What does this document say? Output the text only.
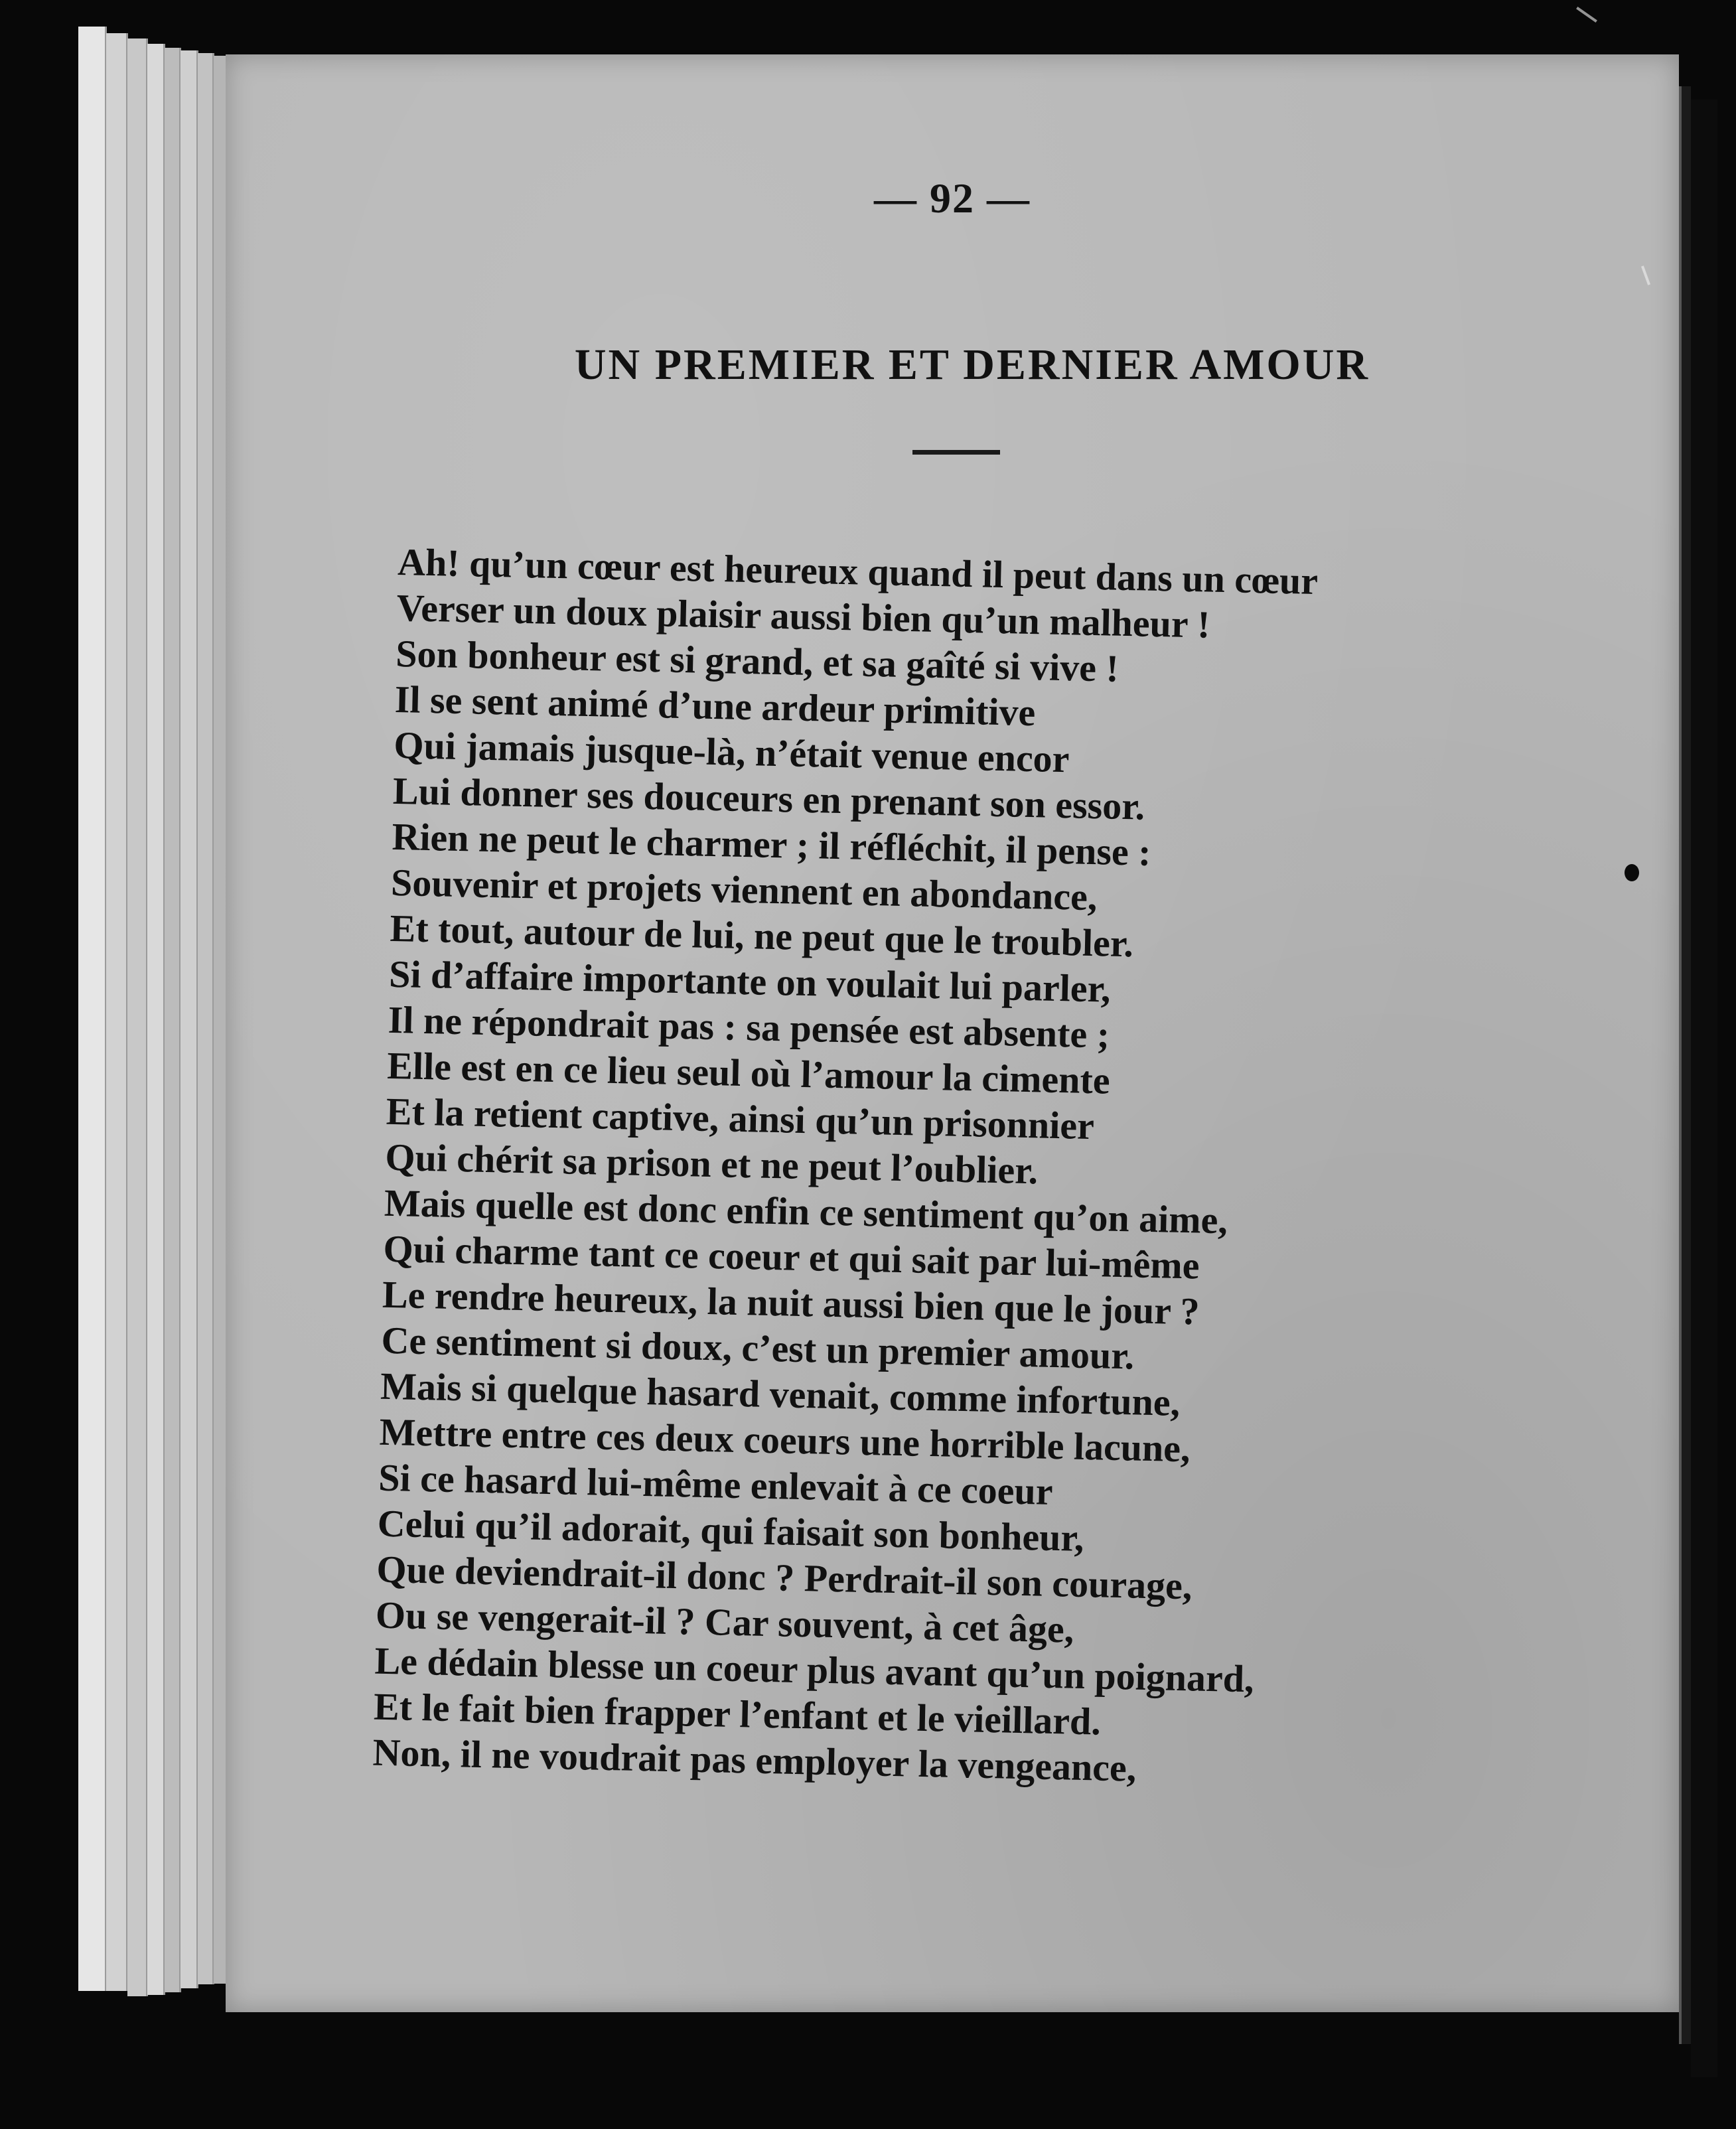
— 92 —
UN PREMIER ET DERNIER AMOUR
Ah! qu’un cœur est heureux quand il peut dans un cœur
Verser un doux plaisir aussi bien qu’un malheur !
Son bonheur est si grand, et sa gaîté si vive !
Il se sent animé d’une ardeur primitive
Qui jamais jusque-là, n’était venue encor
Lui donner ses douceurs en prenant son essor.
Rien ne peut le charmer ; il réfléchit, il pense :
Souvenir et projets viennent en abondance,
Et tout, autour de lui, ne peut que le troubler.
Si d’affaire importante on voulait lui parler,
Il ne répondrait pas : sa pensée est absente ;
Elle est en ce lieu seul où l’amour la cimente
Et la retient captive, ainsi qu’un prisonnier
Qui chérit sa prison et ne peut l’oublier.
Mais quelle est donc enfin ce sentiment qu’on aime,
Qui charme tant ce coeur et qui sait par lui-même
Le rendre heureux, la nuit aussi bien que le jour ?
Ce sentiment si doux, c’est un premier amour.
Mais si quelque hasard venait, comme infortune,
Mettre entre ces deux coeurs une horrible lacune,
Si ce hasard lui-même enlevait à ce coeur
Celui qu’il adorait, qui faisait son bonheur,
Que deviendrait-il donc ? Perdrait-il son courage,
Ou se vengerait-il ? Car souvent, à cet âge,
Le dédain blesse un coeur plus avant qu’un poignard,
Et le fait bien frapper l’enfant et le vieillard.
Non, il ne voudrait pas employer la vengeance,
